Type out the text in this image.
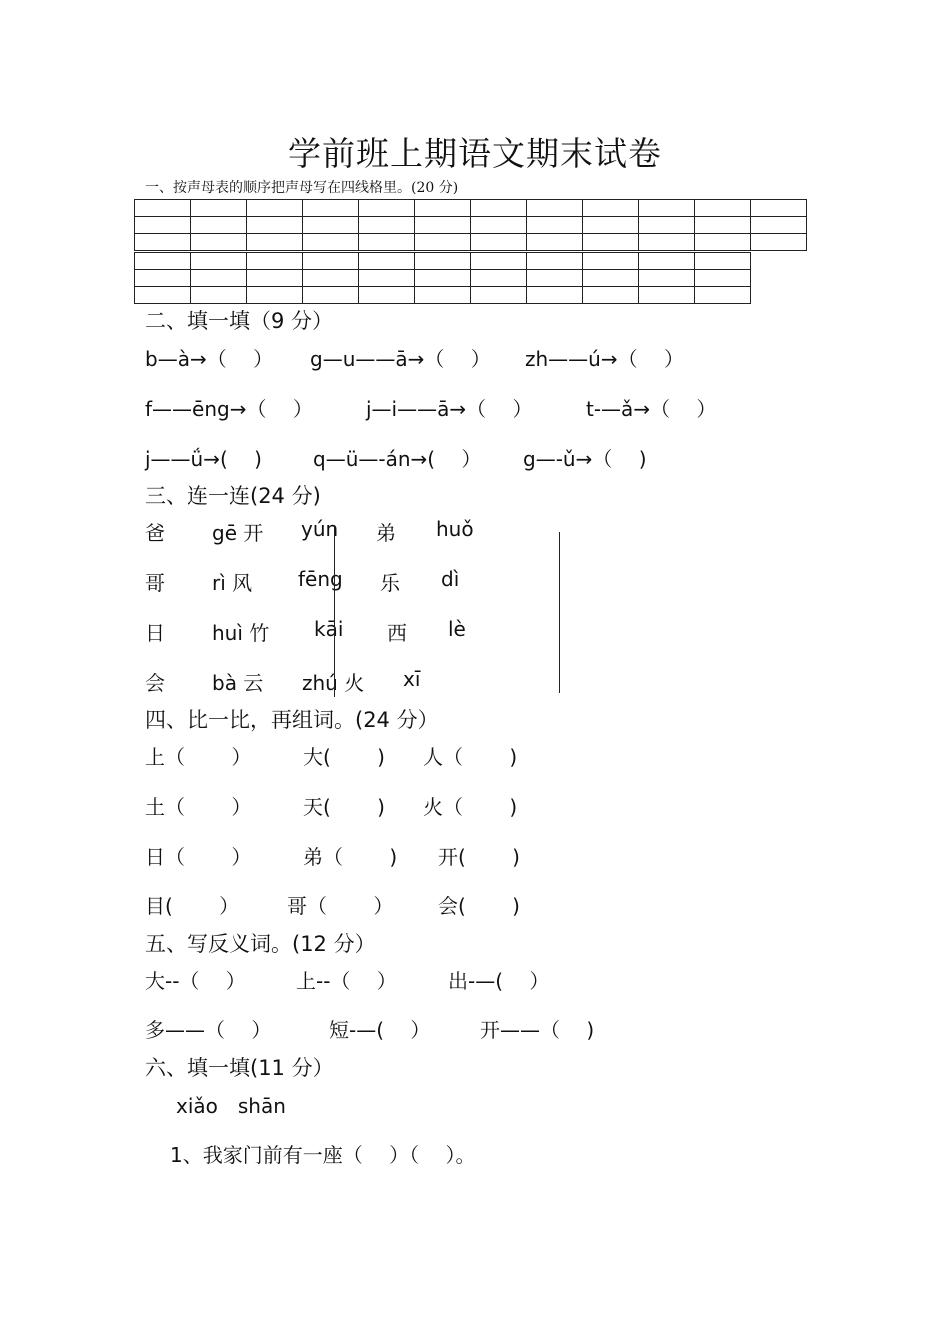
学前班上期语文期末试卷
一、按声母表的顺序把声母写在四线格里。(20 分)

二、填一填（9 分）
b—à→（　 ） g—u——ā→（　 ） zh——ú→（　 ）
f——ēng→（　 ）	j—i——ā→（　 ）	t-—ǎ→（　 ）
j——ǘ→(　 )	q—ü—-án→(　 ） g—-ǔ→（　 )
三、连一连(24 分)
爸 gē 开 yún 弟 huǒ
哥 rì 风 fēng 乐 dì
日 huì 竹 kāi 西 lè
会 bà 云 zhú 火 xī
四、比一比，再组词。(24 分）
上（　　 ）	大(　　 ) 人（　　 )
土（　　 ）	天(　　 ) 火（　　 )
日（　　 ）	弟（　　 ) 开(　　 )
目(　　 ） 哥（　　 ） 会(　　 )
五、写反义词。(12 分）
大--（　 ）	上--（　 ）	出-—(　 ）
多——（　 ）	短-—(　 ） 开——（　 )
六、填一填(11 分）
xiǎo　shān
1、我家门前有一座（　 ）（　 ）。
